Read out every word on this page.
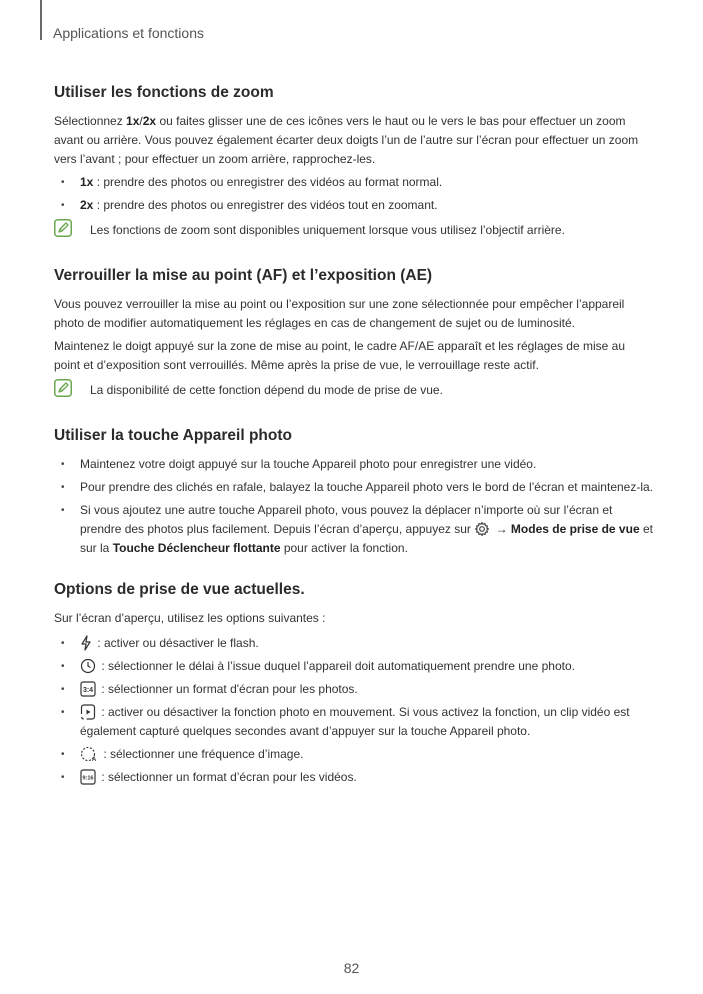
Applications et fonctions
Utiliser les fonctions de zoom

Sélectionnez 1x/2x ou faites glisser une de ces icônes vers le haut ou le vers le bas pour effectuer un zoom avant ou arrière. Vous pouvez également écarter deux doigts l’un de l’autre sur l’écran pour effectuer un zoom vers l’avant ; pour effectuer un zoom arrière, rapprochez-les.

• 1x : prendre des photos ou enregistrer des vidéos au format normal.
• 2x : prendre des photos ou enregistrer des vidéos tout en zoomant.
Les fonctions de zoom sont disponibles uniquement lorsque vous utilisez l’objectif arrière.
Verrouiller la mise au point (AF) et l’exposition (AE)

Vous pouvez verrouiller la mise au point ou l’exposition sur une zone sélectionnée pour empêcher l’appareil photo de modifier automatiquement les réglages en cas de changement de sujet ou de luminosité.

Maintenez le doigt appuyé sur la zone de mise au point, le cadre AF/AE apparaît et les réglages de mise au point et d’exposition sont verrouillés. Même après la prise de vue, le verrouillage reste actif.

La disponibilité de cette fonction dépend du mode de prise de vue.
Utiliser la touche Appareil photo
• Maintenez votre doigt appuyé sur la touche Appareil photo pour enregistrer une vidéo.
• Pour prendre des clichés en rafale, balayez la touche Appareil photo vers le bord de l’écran et maintenez-la.
• Si vous ajoutez une autre touche Appareil photo, vous pouvez la déplacer n’importe où sur l’écran et prendre des photos plus facilement. Depuis l’écran d’aperçu, appuyez sur  → Modes de prise de vue et sur la Touche Déclencheur flottante pour activer la fonction.
Options de prise de vue actuelles.

Sur l’écran d’aperçu, utilisez les options suivantes :

• : activer ou désactiver le flash.
• : sélectionner le délai à l’issue duquel l’appareil doit automatiquement prendre une photo.
• 3:4 : sélectionner un format d'écran pour les photos.
• : activer ou désactiver la fonction photo en mouvement. Si vous activez la fonction, un clip vidéo est également capturé quelques secondes avant d’appuyer sur la touche Appareil photo.
• A : sélectionner une fréquence d’image.
• 9:16 : sélectionner un format d’écran pour les vidéos.
82
